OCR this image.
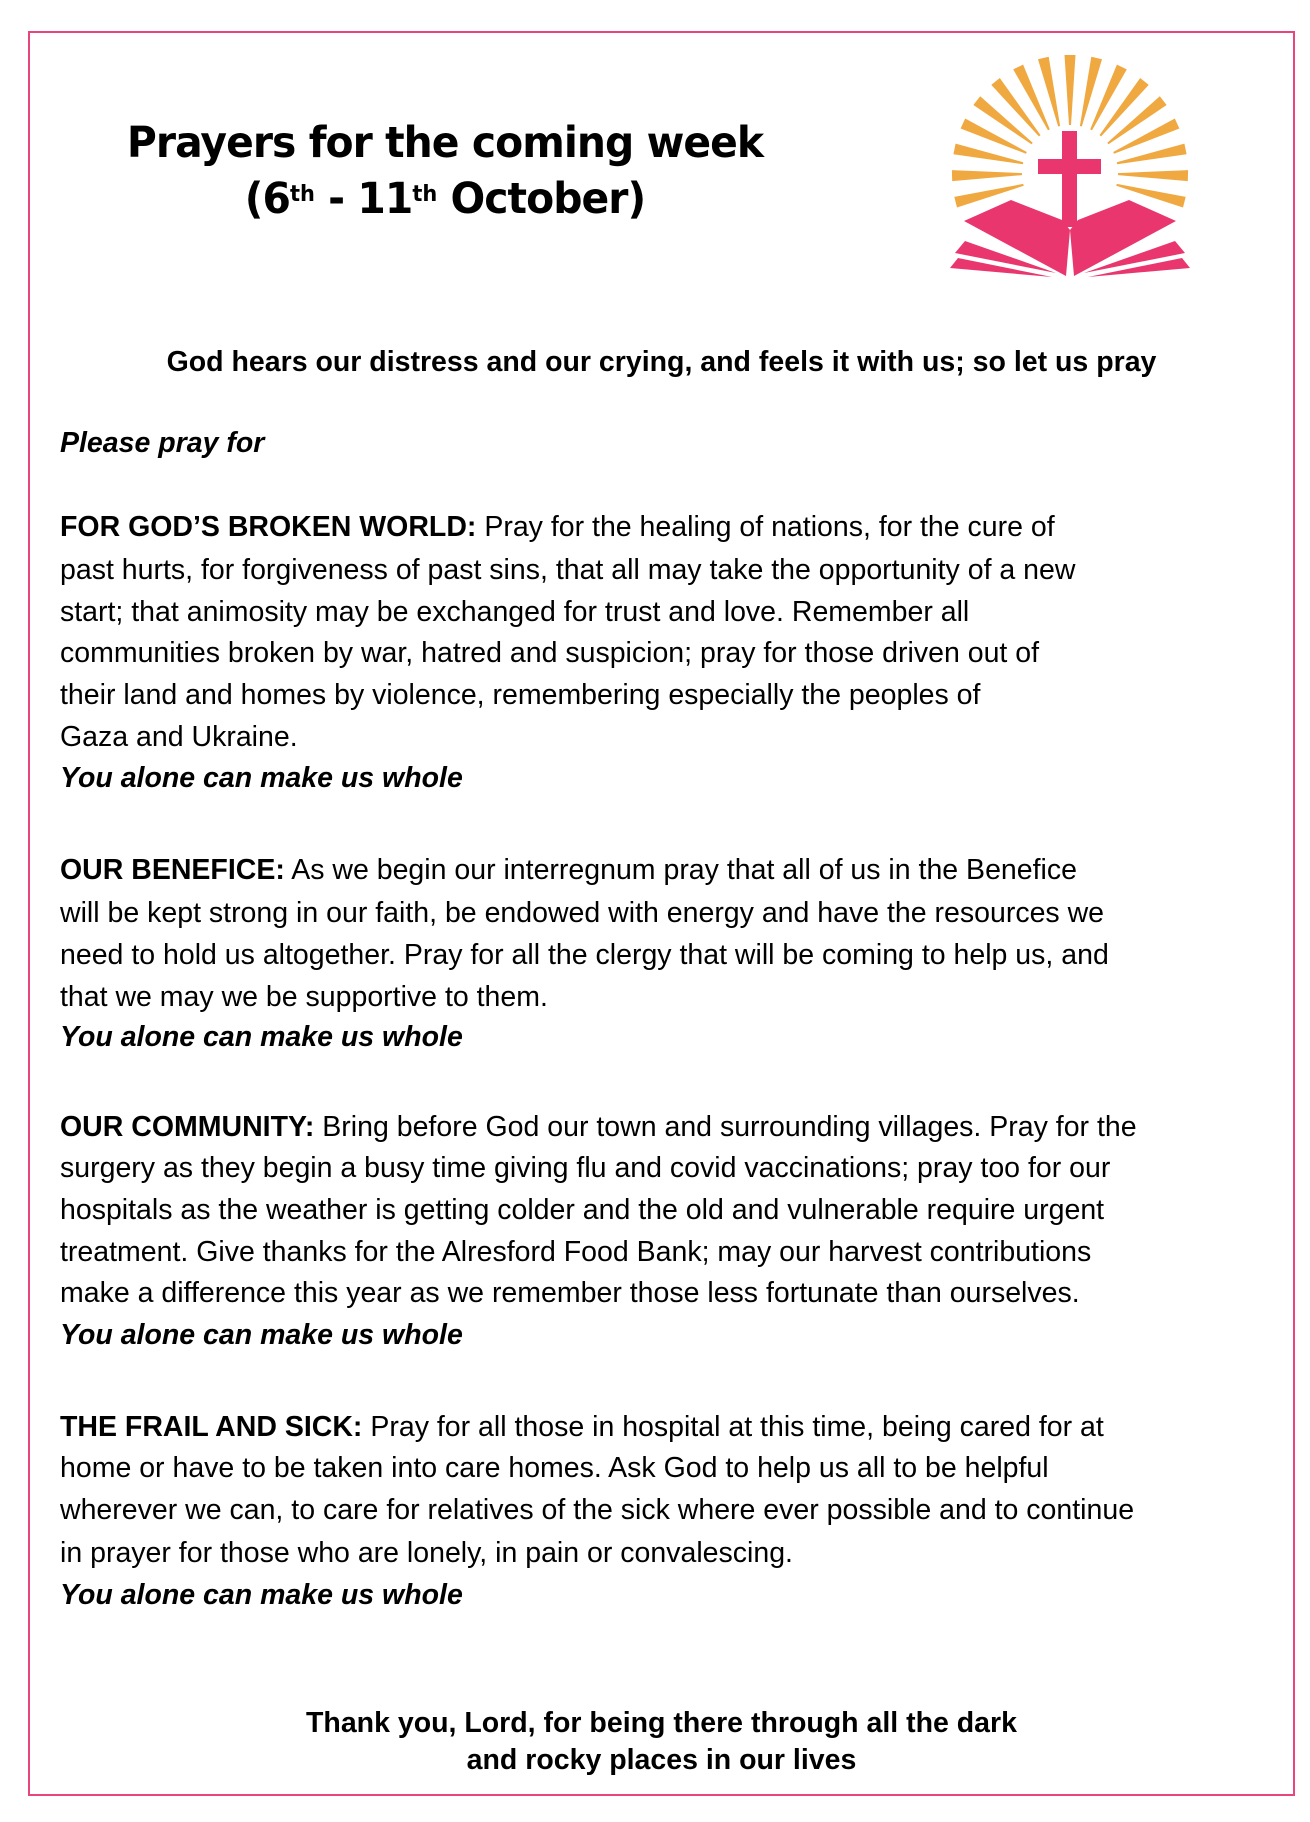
Prayers for the coming week
(6th - 11th October)
God hears our distress and our crying, and feels it with us; so let us pray
Please pray for
FOR GOD’S BROKEN WORLD: Pray for the healing of nations, for the cure of
past hurts, for forgiveness of past sins, that all may take the opportunity of a new
start; that animosity may be exchanged for trust and love. Remember all
communities broken by war, hatred and suspicion; pray for those driven out of
their land and homes by violence, remembering especially the peoples of
Gaza and Ukraine.
You alone can make us whole
OUR BENEFICE: As we begin our interregnum pray that all of us in the Benefice
will be kept strong in our faith, be endowed with energy and have the resources we
need to hold us altogether. Pray for all the clergy that will be coming to help us, and
that we may we be supportive to them.
You alone can make us whole
OUR COMMUNITY: Bring before God our town and surrounding villages. Pray for the
surgery as they begin a busy time giving flu and covid vaccinations; pray too for our
hospitals as the weather is getting colder and the old and vulnerable require urgent
treatment. Give thanks for the Alresford Food Bank; may our harvest contributions
make a difference this year as we remember those less fortunate than ourselves.
You alone can make us whole
THE FRAIL AND SICK: Pray for all those in hospital at this time, being cared for at
home or have to be taken into care homes. Ask God to help us all to be helpful
wherever we can, to care for relatives of the sick where ever possible and to continue
in prayer for those who are lonely, in pain or convalescing.
You alone can make us whole
Thank you, Lord, for being there through all the dark
and rocky places in our lives
